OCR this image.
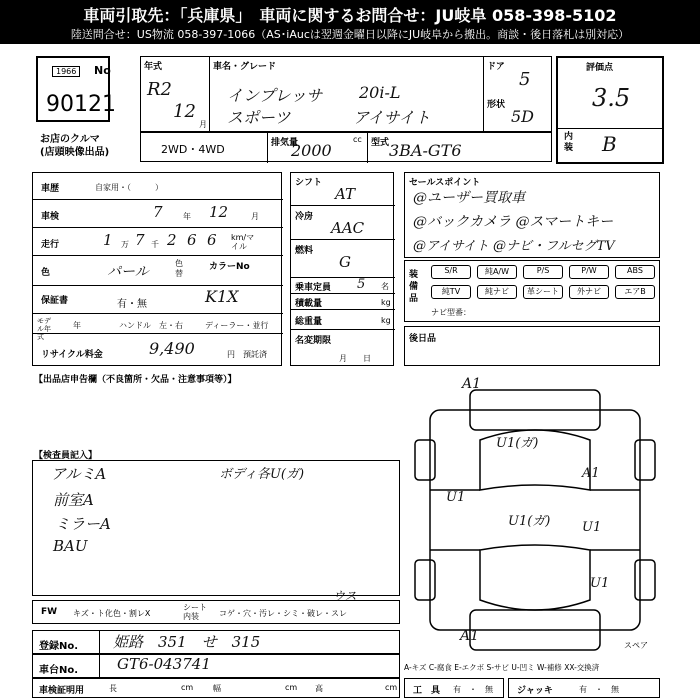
車両引取先：「兵庫県」　車両に関するお問合せ：JU岐阜 058-398-5102
陸送問合せ：US物流 058-397-1066（AS･iAucは翌週金曜日以降にJU岐阜から搬出。商談・後日落札は別対応）
1966	No
90121
お店のクルマ
(店頭映像出品)
年式
R2
12
月
車名・グレード
インプレッサ 20i-L
スポーツ	アイサイト
ドア
5
形状
5D
評価点
3.5
内装 B
2WD・4WD	排気量
2000
cc 型式 3BA-GT6
車歴	自家用・（　　　）
車検	7	年 12	月
走行	1 万 7 千 2 6 6 km/マイル
色	パール
色替
カラーNo
保証書	有・無	K1X
モデル年式
年	ハンドル　左・右	ディーラー・並行
リサイクル料金	9,490	円　預託済
シフト
AT
冷房
AAC
燃料
G
乗車定員 5 名
積載量	kg
総重量	kg
名変期限
月　　日
セールスポイント
@ユーザー買取車
@バックカメラ @スマートキー
@アイサイト @ナビ・フルセグTV
装備品
S/R	純A/W	P/S	P/W	ABS
純TV	純ナビ	革シート	外ナビ	エアB
ナビ型番：
後日品
【出品店申告欄（不良箇所・欠品・注意事項等）】
【検査員記入】
アルミA
前室A
ミラーA
BAU
ボディ各U(ガ)
FW キズ・ト化色・割レX
シート内装	コゲ・穴・汚レ・シミ・破レ・スレ
ウス
A1
U1(ガ)
U1
U1(ガ) U1
A1
U1
A1
スペア
A-キズ C-腐食 E-エクボ S-サビ U-凹ミ W-補修 XX-交換済
登録No. 姫路　351　せ　315
車台No.	GT6-043741
車検証明用	長	cm 幅	cm 高	cm 工　具 有　・　無	ジャッキ	有　・　無
